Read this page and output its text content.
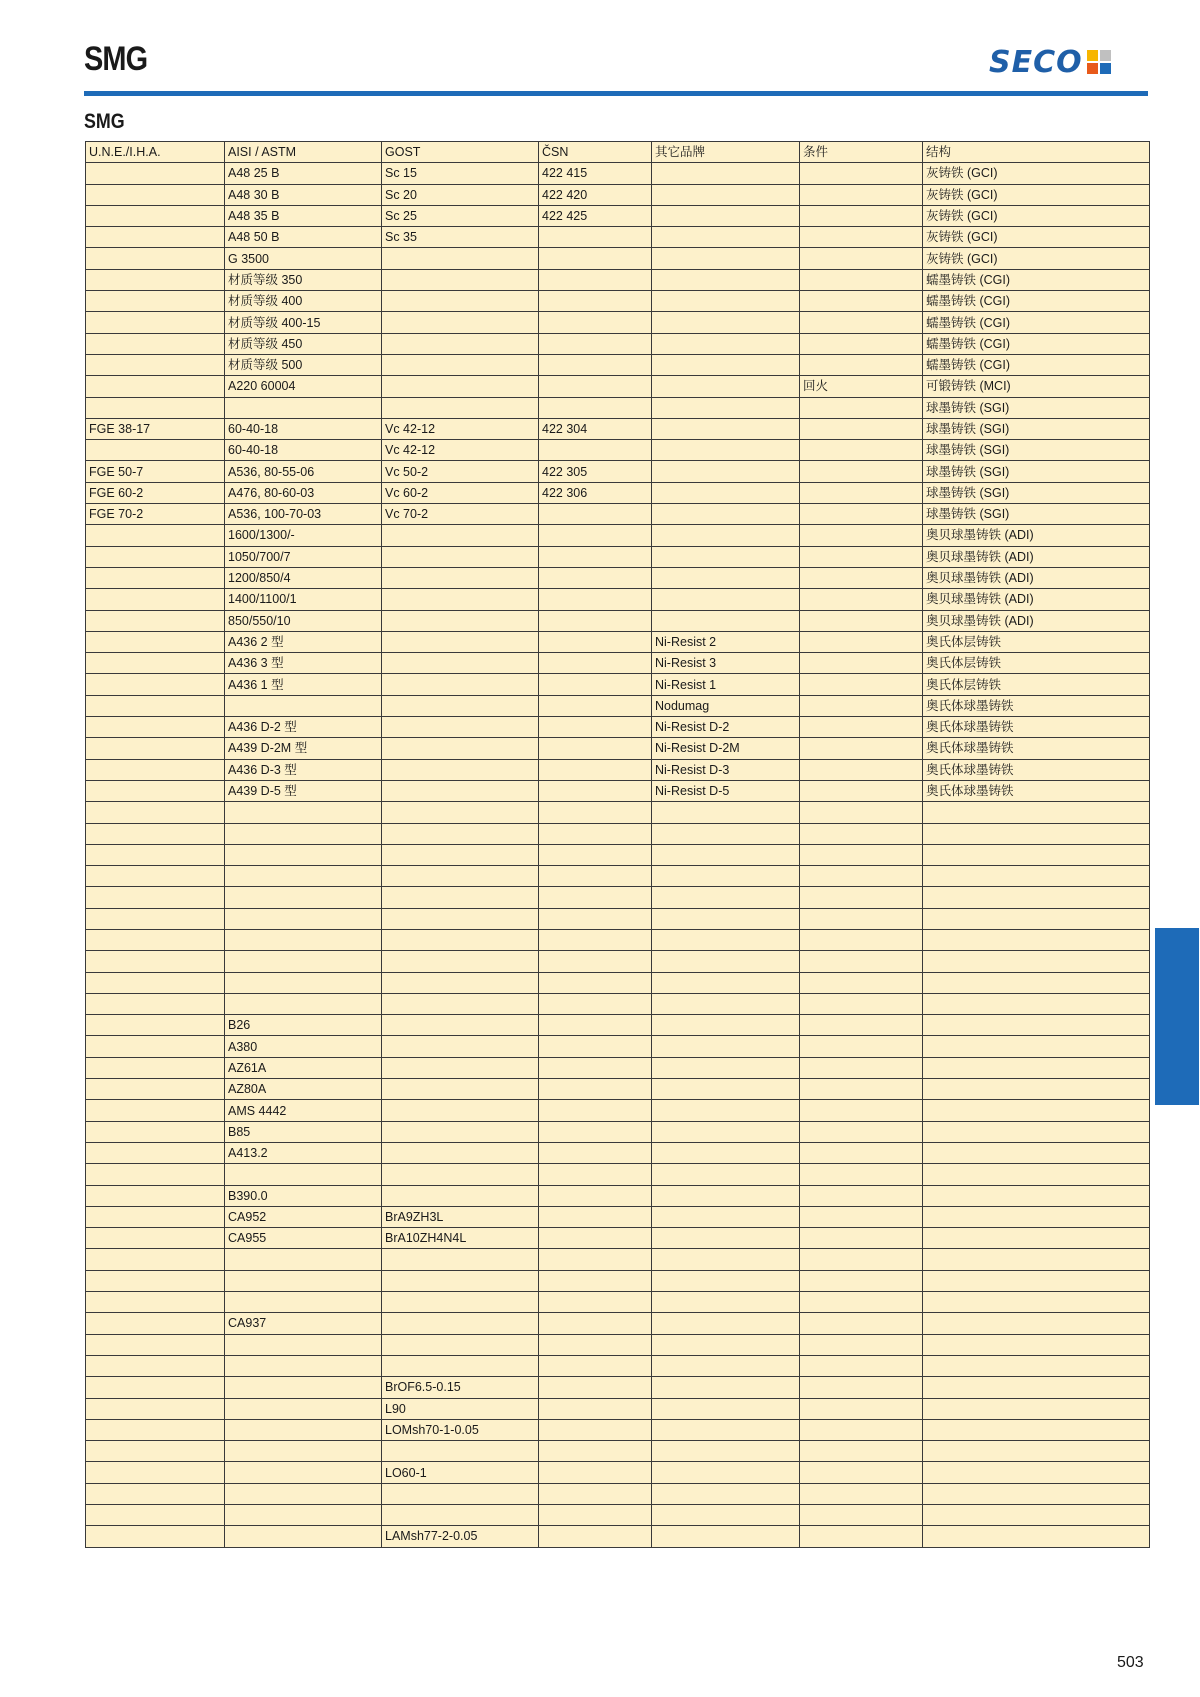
SMG	SECO
SMG
U.N.E./I.H.A.	AISI / ASTM	GOST	ČSN	其它品牌	条件	结构
	A48 25 B	Sc 15	422 415			灰铸铁 (GCI)
	A48 30 B	Sc 20	422 420			灰铸铁 (GCI)
	A48 35 B	Sc 25	422 425			灰铸铁 (GCI)
	A48 50 B	Sc 35				灰铸铁 (GCI)
	G 3500					灰铸铁 (GCI)
	材质等级 350					蠕墨铸铁 (CGI)
	材质等级 400					蠕墨铸铁 (CGI)
	材质等级 400-15					蠕墨铸铁 (CGI)
	材质等级 450					蠕墨铸铁 (CGI)
	材质等级 500					蠕墨铸铁 (CGI)
	A220 60004				回火	可锻铸铁 (MCI)
						球墨铸铁 (SGI)
FGE 38-17	60-40-18	Vc 42-12	422 304			球墨铸铁 (SGI)
	60-40-18	Vc 42-12				球墨铸铁 (SGI)
FGE 50-7	A536, 80-55-06	Vc 50-2	422 305			球墨铸铁 (SGI)
FGE 60-2	A476, 80-60-03	Vc 60-2	422 306			球墨铸铁 (SGI)
FGE 70-2	A536, 100-70-03	Vc 70-2				球墨铸铁 (SGI)
	1600/1300/-					奥贝球墨铸铁 (ADI)
	1050/700/7					奥贝球墨铸铁 (ADI)
	1200/850/4					奥贝球墨铸铁 (ADI)
	1400/1100/1					奥贝球墨铸铁 (ADI)
	850/550/10					奥贝球墨铸铁 (ADI)
	A436 2 型			Ni-Resist 2		奥氏体层铸铁
	A436 3 型			Ni-Resist 3		奥氏体层铸铁
	A436 1 型			Ni-Resist 1		奥氏体层铸铁
				Nodumag		奥氏体球墨铸铁
	A436 D-2 型			Ni-Resist D-2		奥氏体球墨铸铁
	A439 D-2M 型			Ni-Resist D-2M		奥氏体球墨铸铁
	A436 D-3 型			Ni-Resist D-3		奥氏体球墨铸铁
	A439 D-5 型			Ni-Resist D-5		奥氏体球墨铸铁

	B26					
	A380					
	AZ61A					
	AZ80A					
	AMS 4442					
	B85					
	A413.2					

	B390.0					
	CA952	BrA9ZH3L				
	CA955	BrA10ZH4N4L				

	CA937					

		BrOF6.5-0.15				
		L90				
		LOMsh70-1-0.05				

		LO60-1				

		LAMsh77-2-0.05				
503
